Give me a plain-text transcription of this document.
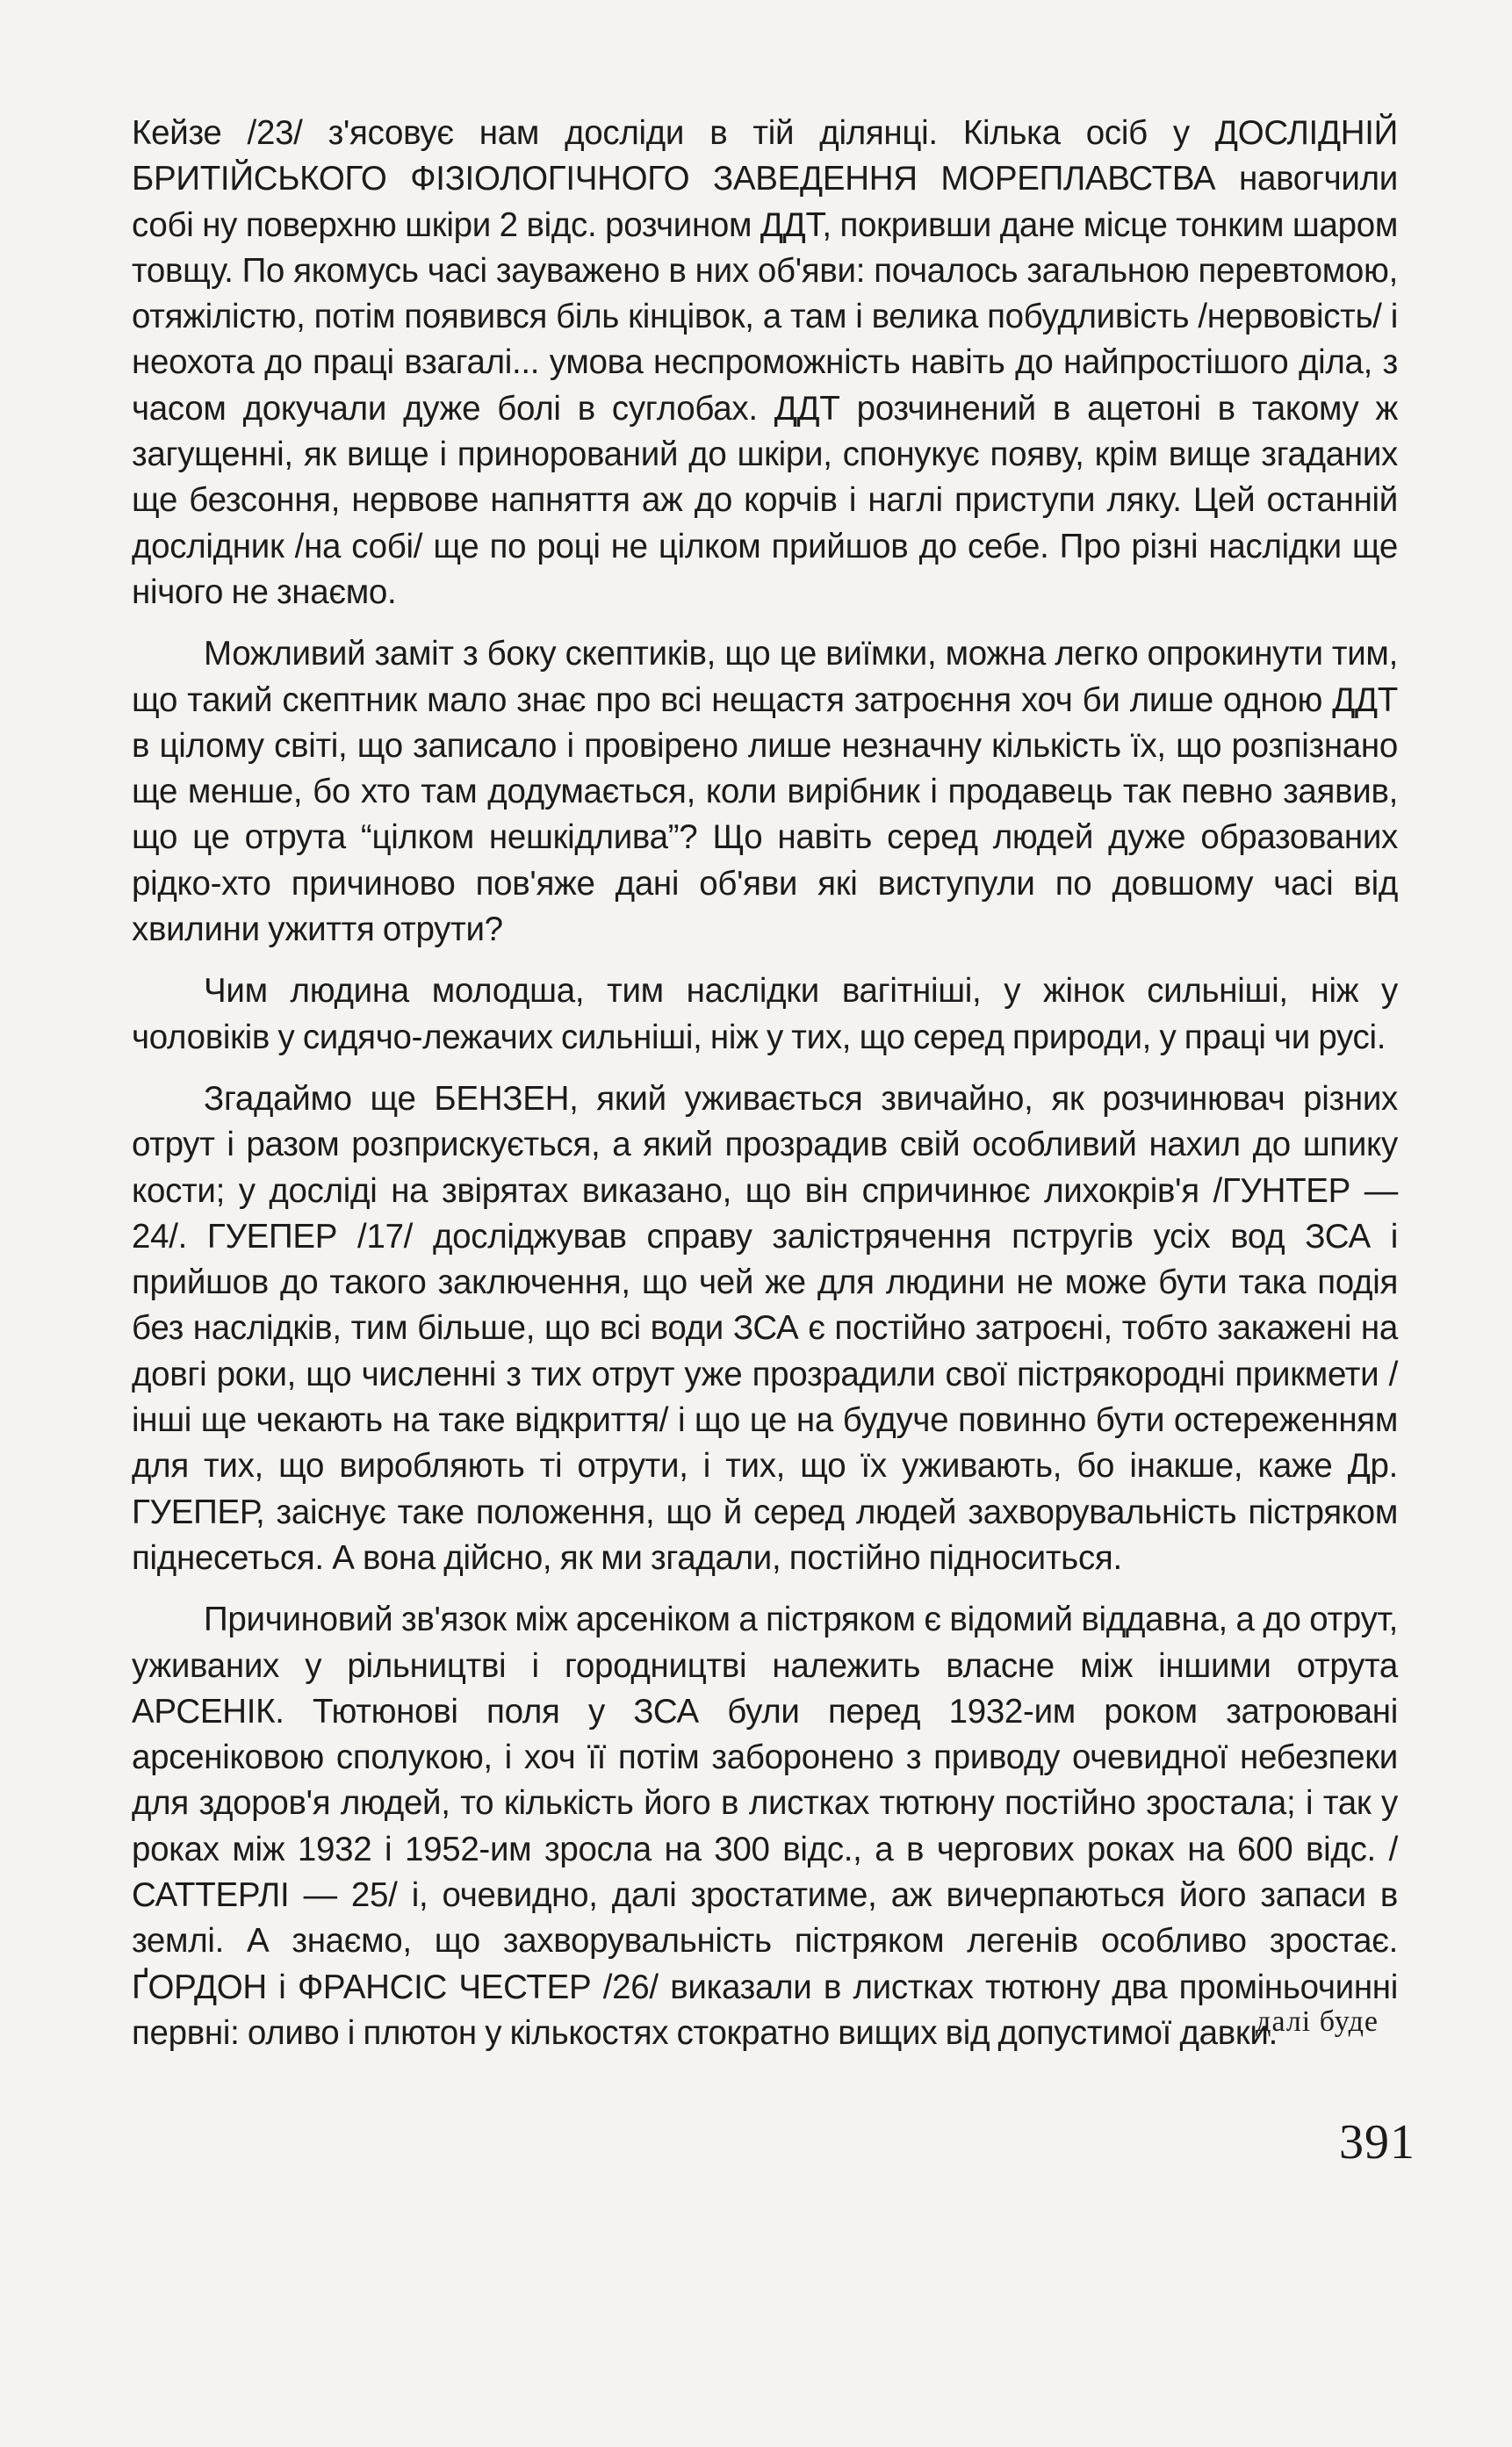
Кейзе /23/ з'ясовує нам досліди в тій ділянці. Кілька осіб у ДОСЛІДНІЙ БРИТІЙСЬКОГО ФІЗІОЛОГІЧНОГО ЗАВЕДЕННЯ МОРЕПЛАВСТВА навогчили собі ну поверхню шкіри 2 відс. розчином ДДТ, покривши дане місце тонким шаром товщу. По якомусь часі зауважено в них об'яви: почалось загальною перевтомою, отяжілістю, потім появився біль кінцівок, а там і велика побудливість /нервовість/ і неохота до праці взагалі... умова неспроможність навіть до найпростішого діла, з часом докучали дуже болі в суглобах. ДДТ розчинений в ацетоні в такому ж загущенні, як вище і принорований до шкіри, спонукує появу, крім вище згаданих ще безсоння, нервове напняття аж до корчів і наглі приступи ляку. Цей останній дослідник /на собі/ ще по році не цілком прийшов до себе. Про різні наслідки ще нічого не знаємо.

Можливий заміт з боку скептиків, що це виїмки, можна легко опрокинути тим, що такий скептник мало знає про всі нещастя затроєння хоч би лише одною ДДТ в цілому світі, що записало і провірено лише незначну кількість їх, що розпізнано ще менше, бо хто там додумається, коли вирібник і продавець так певно заявив, що це отрута “цілком нешкідлива”? Що навіть серед людей дуже образованих рідко-хто причиново пов'яже дані об'яви які виступули по довшому часі від хвилини ужиття отрути?

Чим людина молодша, тим наслідки вагітніші, у жінок сильніші, ніж у чоловіків у сидячо-лежачих сильніші, ніж у тих, що серед природи, у праці чи русі.

Згадаймо ще БЕНЗЕН, який уживається звичайно, як розчинювач різних отрут і разом розприскується, а який прозрадив свій особливий нахил до шпику кости; у досліді на звірятах виказано, що він спричинює лихокрів'я /ГУНТЕР — 24/. ГУЕПЕР /17/ досліджував справу залістрячення пстругів усіх вод ЗСА і прийшов до такого заключення, що чей же для людини не може бути така подія без наслідків, тим більше, що всі води ЗСА є постійно затроєні, тобто закажені на довгі роки, що численні з тих отрут уже прозрадили свої пістрякородні прикмети /інші ще чекають на таке відкриття/ і що це на будуче повинно бути остереженням для тих, що виробляють ті отрути, і тих, що їх уживають, бо інакше, каже Др. ГУЕПЕР, заіснує таке положення, що й серед людей захворувальність пістряком піднесеться. А вона дійсно, як ми згадали, постійно підноситься.

Причиновий зв'язок між арсеніком а пістряком є відомий віддавна, а до отрут, уживаних у рільництві і городництві належить власне між іншими отрута АРСЕНІК. Тютюнові поля у ЗСА були перед 1932-им роком затроювані арсеніковою сполукою, і хоч її потім заборонено з приводу очевидної небезпеки для здоров'я людей, то кількість його в листках тютюну постійно зростала; і так у роках між 1932 і 1952-им зросла на 300 відс., а в чергових роках на 600 відс. /САТТЕРЛІ — 25/ і, очевидно, далі зростатиме, аж вичерпаються його запаси в землі. А знаємо, що захворувальність пістряком легенів особливо зростає. ҐОРДОН і ФРАНСІС ЧЕСТЕР /26/ виказали в листках тютюну два проміньочинні первні: оливо і плютон у кількостях стократно вищих від допустимої давки.

далі буде
391
